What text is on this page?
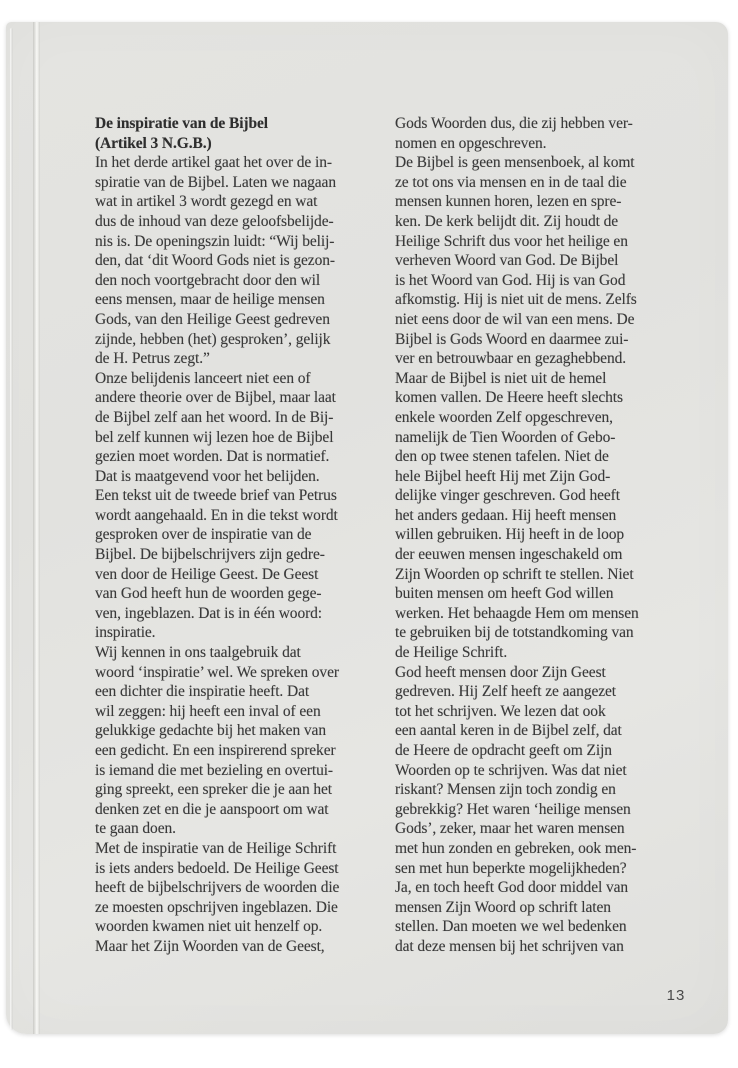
De inspiratie van de Bijbel
(Artikel 3 N.G.B.)
In het derde artikel gaat het over de in-
spiratie van de Bijbel. Laten we nagaan
wat in artikel 3 wordt gezegd en wat
dus de inhoud van deze geloofsbelijde-
nis is. De openingszin luidt: “Wij belij-
den, dat ‘dit Woord Gods niet is gezon-
den noch voortgebracht door den wil
eens mensen, maar de heilige mensen
Gods, van den Heilige Geest gedreven
zijnde, hebben (het) gesproken’, gelijk
de H. Petrus zegt.”
Onze belijdenis lanceert niet een of
andere theorie over de Bijbel, maar laat
de Bijbel zelf aan het woord. In de Bij-
bel zelf kunnen wij lezen hoe de Bijbel
gezien moet worden. Dat is normatief.
Dat is maatgevend voor het belijden.
Een tekst uit de tweede brief van Petrus
wordt aangehaald. En in die tekst wordt
gesproken over de inspiratie van de
Bijbel. De bijbelschrijvers zijn gedre-
ven door de Heilige Geest. De Geest
van God heeft hun de woorden gege-
ven, ingeblazen. Dat is in één woord:
inspiratie.
Wij kennen in ons taalgebruik dat
woord ‘inspiratie’ wel. We spreken over
een dichter die inspiratie heeft. Dat
wil zeggen: hij heeft een inval of een
gelukkige gedachte bij het maken van
een gedicht. En een inspirerend spreker
is iemand die met bezieling en overtui-
ging spreekt, een spreker die je aan het
denken zet en die je aanspoort om wat
te gaan doen.
Met de inspiratie van de Heilige Schrift
is iets anders bedoeld. De Heilige Geest
heeft de bijbelschrijvers de woorden die
ze moesten opschrijven ingeblazen. Die
woorden kwamen niet uit henzelf op.
Maar het Zijn Woorden van de Geest,
Gods Woorden dus, die zij hebben ver-
nomen en opgeschreven.
De Bijbel is geen mensenboek, al komt
ze tot ons via mensen en in de taal die
mensen kunnen horen, lezen en spre-
ken. De kerk belijdt dit. Zij houdt de
Heilige Schrift dus voor het heilige en
verheven Woord van God. De Bijbel
is het Woord van God. Hij is van God
afkomstig. Hij is niet uit de mens. Zelfs
niet eens door de wil van een mens. De
Bijbel is Gods Woord en daarmee zui-
ver en betrouwbaar en gezaghebbend.
Maar de Bijbel is niet uit de hemel
komen vallen. De Heere heeft slechts
enkele woorden Zelf opgeschreven,
namelijk de Tien Woorden of Gebo-
den op twee stenen tafelen. Niet de
hele Bijbel heeft Hij met Zijn God-
delijke vinger geschreven. God heeft
het anders gedaan. Hij heeft mensen
willen gebruiken. Hij heeft in de loop
der eeuwen mensen ingeschakeld om
Zijn Woorden op schrift te stellen. Niet
buiten mensen om heeft God willen
werken. Het behaagde Hem om mensen
te gebruiken bij de totstandkoming van
de Heilige Schrift.
God heeft mensen door Zijn Geest
gedreven. Hij Zelf heeft ze aangezet
tot het schrijven. We lezen dat ook
een aantal keren in de Bijbel zelf, dat
de Heere de opdracht geeft om Zijn
Woorden op te schrijven. Was dat niet
riskant? Mensen zijn toch zondig en
gebrekkig? Het waren ‘heilige mensen
Gods’, zeker, maar het waren mensen
met hun zonden en gebreken, ook men-
sen met hun beperkte mogelijkheden?
Ja, en toch heeft God door middel van
mensen Zijn Woord op schrift laten
stellen. Dan moeten we wel bedenken
dat deze mensen bij het schrijven van
13
